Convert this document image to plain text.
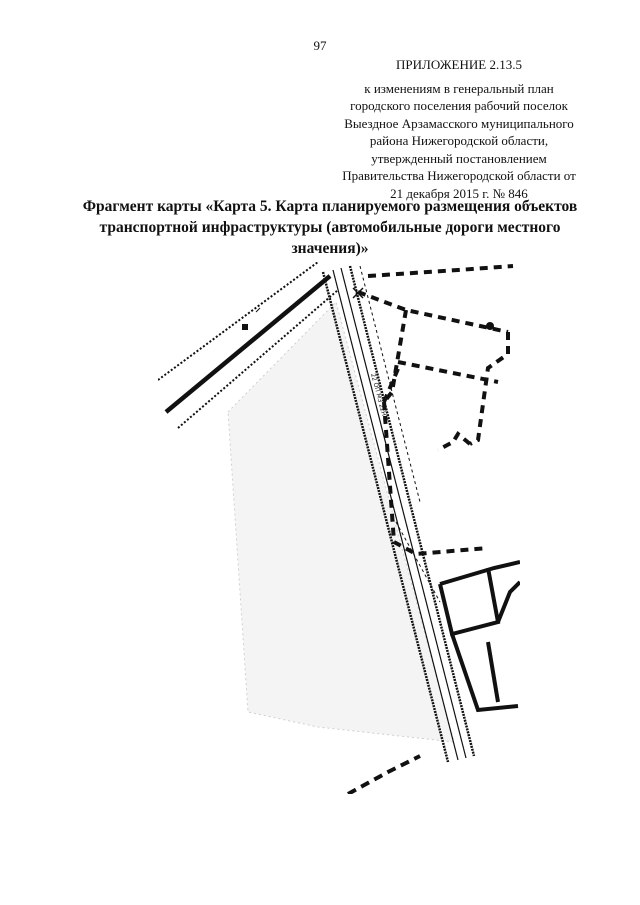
97
ПРИЛОЖЕНИЕ 2.13.5
к изменениям в генеральный план
городского поселения рабочий поселок
Выездное Арзамасского муниципального
района Нижегородской области,
утвержденный постановлением
Правительства Нижегородской области от
21 декабря 2015 г. № 846
Фрагмент карты «Карта 5. Карта планируемого размещения объектов
транспортной инфраструктуры (автомобильные дороги местного
значения)»
22 ОП МЗ 22Н-0
